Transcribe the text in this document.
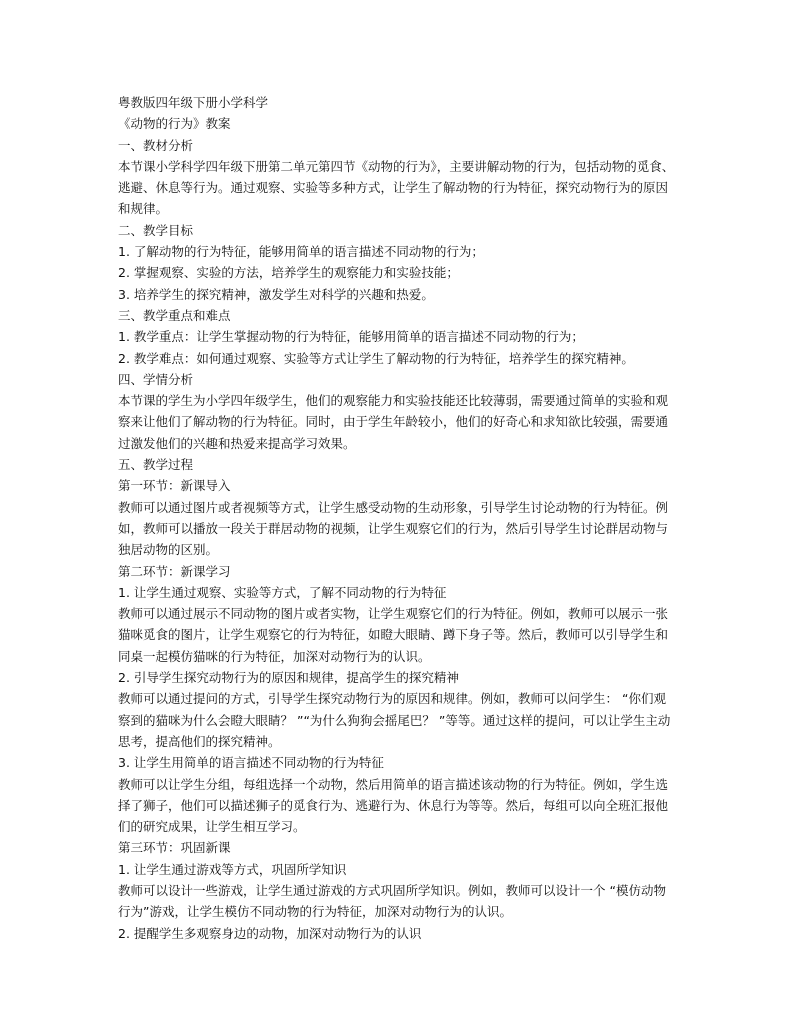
粤教版四年级下册小学科学

《动物的行为》教案

一、教材分析

本节课小学科学四年级下册第二单元第四节《动物的行为》，主要讲解动物的行为，包括动物的觅食、逃避、休息等行为。通过观察、实验等多种方式，让学生了解动物的行为特征，探究动物行为的原因和规律。

二、教学目标

1. 了解动物的行为特征，能够用简单的语言描述不同动物的行为；

2. 掌握观察、实验的方法，培养学生的观察能力和实验技能；

3. 培养学生的探究精神，激发学生对科学的兴趣和热爱。

三、教学重点和难点

1. 教学重点：让学生掌握动物的行为特征，能够用简单的语言描述不同动物的行为；

2. 教学难点：如何通过观察、实验等方式让学生了解动物的行为特征，培养学生的探究精神。

四、学情分析

本节课的学生为小学四年级学生，他们的观察能力和实验技能还比较薄弱，需要通过简单的实验和观察来让他们了解动物的行为特征。同时，由于学生年龄较小，他们的好奇心和求知欲比较强，需要通过激发他们的兴趣和热爱来提高学习效果。

五、教学过程

第一环节：新课导入

教师可以通过图片或者视频等方式，让学生感受动物的生动形象，引导学生讨论动物的行为特征。例如，教师可以播放一段关于群居动物的视频，让学生观察它们的行为，然后引导学生讨论群居动物与独居动物的区别。

第二环节：新课学习

1. 让学生通过观察、实验等方式，了解不同动物的行为特征

教师可以通过展示不同动物的图片或者实物，让学生观察它们的行为特征。例如，教师可以展示一张猫咪觅食的图片，让学生观察它的行为特征，如瞪大眼睛、蹲下身子等。然后，教师可以引导学生和同桌一起模仿猫咪的行为特征，加深对动物行为的认识。

2. 引导学生探究动物行为的原因和规律，提高学生的探究精神

教师可以通过提问的方式，引导学生探究动物行为的原因和规律。例如，教师可以问学生： “你们观察到的猫咪为什么会瞪大眼睛？ ”“为什么狗狗会摇尾巴？ ”等等。通过这样的提问，可以让学生主动思考，提高他们的探究精神。

3. 让学生用简单的语言描述不同动物的行为特征

教师可以让学生分组，每组选择一个动物，然后用简单的语言描述该动物的行为特征。例如，学生选择了狮子，他们可以描述狮子的觅食行为、逃避行为、休息行为等等。然后，每组可以向全班汇报他们的研究成果，让学生相互学习。

第三环节：巩固新课

1. 让学生通过游戏等方式，巩固所学知识

教师可以设计一些游戏，让学生通过游戏的方式巩固所学知识。例如，教师可以设计一个 “模仿动物行为”游戏，让学生模仿不同动物的行为特征，加深对动物行为的认识。

2. 提醒学生多观察身边的动物，加深对动物行为的认识
